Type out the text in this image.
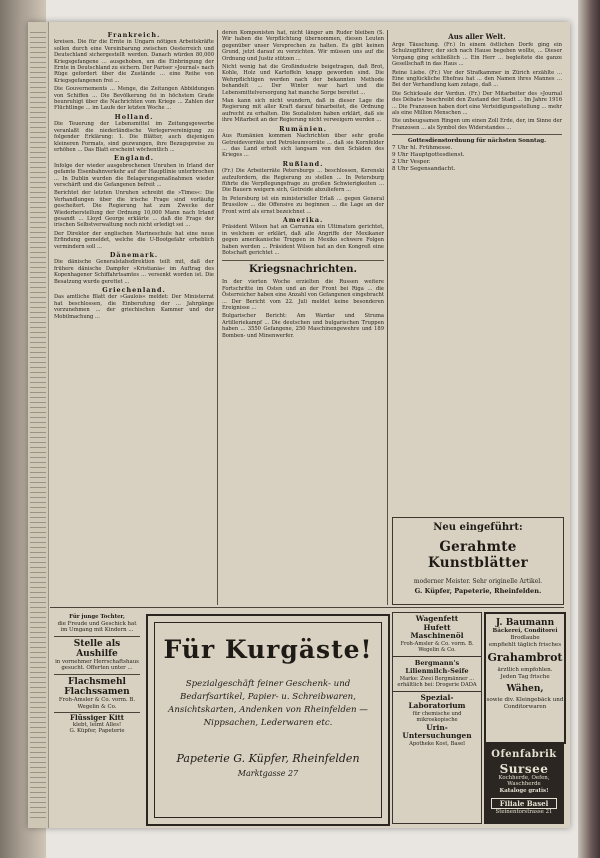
Frankreich.

kreisen. Die für die Ernte in Ungarn nötigen Arbeitskräfte sollen durch eine Vereinbarung zwischen Oesterreich und Deutschland sichergestellt werden. Danach würden 80,000 Kriegsgefangene ... ausgehoben, um die Einbringung der Ernte in Deutschland zu sichern. Der Pariser »Journal« nach Rüge gefordert über die Zustände ... eine Reihe von Kriegsgefangenen frei ...

Die Gouvernements ... Menge, die Zeitungen Abbildungen von Schiffen ... Die Bevölkerung fei in höchstem Grade beunruhigt über die Nachrichten vom Kriege ... Zahlen der Flüchtlinge ... im Laufe der letzten Woche ...

Holland.

Die Teuerung der Lebensmittel im Zeitungsgewerbe veranlaßt die niederländische Verlegervereinigung zu folgender Erklärung: 1. Die Blätter, auch diejenigen kleineren Formats, sind gezwungen, ihre Bezugspreise zu erhöhen ... Das Blatt erscheint wöchentlich ...

England.

Infolge der wieder ausgebrochenen Unruhen in Irland der gefamte Eisenbahnverkehr auf der Hauptlinie unterbrochen ... In Dublin wurden die Belagerungsmaßnahmen wieder verschärft und die Gefangenen befreit ...

Berichtet der letzten Unruhen schreibt die »Times«: Die Verhandlungen über die irische Frage sind vorläufig gescheitert. Die Regierung hat zum Zwecke der Wiederherstellung der Ordnung 10,000 Mann nach Irland gesandt ... Lloyd George erklärte ... daß die Frage der irischen Selbstverwaltung noch nicht erledigt sei ...

Der Direktor der englischen Marineschule hat eine neue Erfindung gemeldet, welche die U-Bootgefahr erheblich vermindern soll ...

Dänemark.

Die dänische Generalstabsdirektion teilt mit, daß der frühere dänische Dampfer »Kristiania« im Auftrag des Kopenhagener Schiffahrtsamtes ... versenkt worden ist. Die Besatzung wurde gerettet ...

Griechenland.

Das amtliche Blatt der »Gaulois« meldet: Der Ministerrat hat beschlossen, die Einberufung der ... Jahrgänge vorzunehmen ... der griechischen Kammer und der Mobilmachung ...

deren Komponisten hat, nicht länger am Ruder bleiben (S. Wir haben die Verpflichtung übernommen, diesen Leuten gegenüber unser Versprechen zu halten. Es gibt keinen Grund, jetzt darauf zu verzichten. Wir müssen uns auf die Ordnung und Justiz stützen ...

Nicht wenig hat die Großindustrie beigetragen, daß Brot, Kohle, Holz und Kartoffeln knapp geworden sind. Die Wehrpflichtigen werden nach der bekannten Methode behandelt ... Der Winter war hart und die Lebensmittelversorgung hat manche Sorge bereitet ...

Man kann sich nicht wundern, daß in dieser Lage die Regierung mit aller Kraft darauf hinarbeitet, die Ordnung aufrecht zu erhalten. Die Sozialisten haben erklärt, daß sie ihre Mitarbeit an der Regierung nicht verweigern werden ...

Rumänien.

Aus Rumänien kommen Nachrichten über sehr große Getreidevorräte und Petroleumvorräte ... daß sie Kornfelder ... das Land erholt sich langsam von den Schäden des Krieges ...

Rußland.

(Fr.) Die Arbeiterräte Petersburgs ... beschlossen, Kerenski aufzufordern, die Regierung zu stellen ... In Petersburg führte die Verpflegungsfrage zu großen Schwierigkeiten ... Die Bauern weigern sich, Getreide abzuliefern ...

In Petersburg ist ein ministerieller Erlaß ... gegen General Brussilow ... die Offensive zu beginnen ... die Lage an der Front wird als ernst bezeichnet ...

Amerika.

Präsident Wilson hat an Carranza ein Ultimatum gerichtet, in welchem er erklärt, daß alle Angriffe der Mexikaner gegen amerikanische Truppen in Mexiko schwere Folgen haben werden ... Präsident Wilson hat an den Kongreß eine Botschaft gerichtet ...

Kriegsnachrichten.

In der vierten Woche erzielten die Russen weitere Fortschritte im Osten und an der Front bei Riga ... die Österreicher haben eine Anzahl von Gefangenen eingebracht ... Der Bericht vom 22. Juli meldet keine besonderen Ereignisse ...

Bulgarischer Bericht: Am Wardar und Struma Artilleriekampf ... Die deutschen und bulgarischen Truppen haben ... 3550 Gefangene, 250 Maschinengewehre und 189 Bomben- und Minenwerfer.

Aus aller Welt.

Arge Täuschung. (Fr.) In einem östlichen Dorfe ging ein Schulzugführer, der sich nach Hause begeben wollte, ... Dieser Vorgang ging schließlich ... Ein Herr ... begleitete die ganze Gesellschaft in das Haus ...

Reine Liebe. (Fr.) Vor der Strafkammer in Zürich erzählte ... Eine unglückliche Ehefrau hat ... den Namen ihres Mannes ... Bei der Verhandlung kam zutage, daß ...

Die Schicksale der Verdun. (Fr.) Der Mitarbeiter des »Journal des Débats« beschreibt den Zustand der Stadt ... Im Jahre 1916 ... Die Franzosen haben dort eine Verteidigungsstellung ... mehr als eine Million Menschen ...

Die unbeugsamen Ringen um einen Zoll Erde, der, im Sinne der Franzosen ... als Symbol des Widerstandes ...

Gottesdienstordnung für nächsten Sonntag.
7 Uhr hl. Frühmesse.
9 Uhr Hauptgottesdienst.
2 Uhr Vesper.
8 Uhr Segensandacht.
Neu eingeführt:
Gerahmte Kunstblätter
moderner Meister. Sehr originelle Artikel.
G. Küpfer, Papeterie, Rheinfelden.
Für junge Tochter,
die Freude und Geschick hat im Umgang mit Kindern ...
Stelle als Aushilfe
in vornehmer Herrschaftshaus gesucht. Offerten unter ...
Flachsmehl
Flachssamen
Froh-Amsler & Co. vorm. B. Wegelin & Co.
Flüssiger Kitt
klebt, leimt Alles!
G. Küpfer, Papeterie
Für Kurgäste!
Spezialgeschäft feiner Geschenk- und Bedarfsartikel, Papier- u. Schreibwaren, Ansichtskarten, Andenken von Rheinfelden — Nippsachen, Lederwaren etc.
Papeterie G. Küpfer, Rheinfelden
Marktgasse 27
Wagenfett
Hufett
Maschinenöl
Froh-Amsler & Co. vorm. B. Wegelin & Co.
Bergmann's Lilienmilch-Seife
Marke: Zwei Bergmänner ... erhältlich bei: Drogerie DADA
Spezial-Laboratorium
für chemische und mikroskopische
Urin-Untersuchungen
Apotheke Kost, Basel
J. Baumann
Bäckerei, Conditorei
Brodlaube
empfiehlt täglich frisches
Grahambrot
ärztlich empfohlen.
Jeden Tag frische
Wähen,
sowie div. Kleingebäck und Conditorwaren
Ofenfabrik
Sursee
Kochherde, Oefen, Waschherde
Kataloge gratis!
Filiale Basel
Steinentorstrasse 21
